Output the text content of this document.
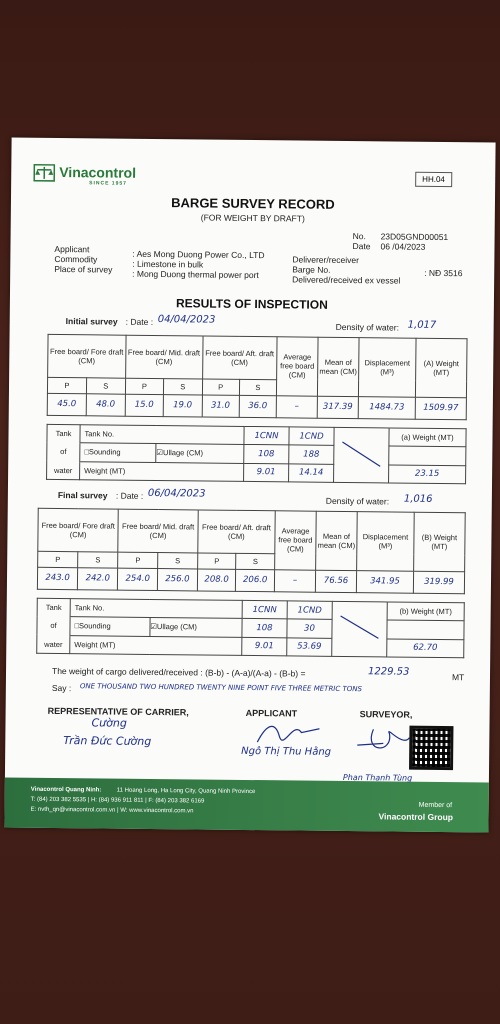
Vinacontrol
SINCE 1957	HH.04
BARGE SURVEY RECORD
(FOR WEIGHT BY DRAFT)
No. 23D05GND00051
Date 06 /04/2023
Applicant	: Aes Mong Duong Power Co., LTD
Commodity	: Limestone in bulk
Place of survey : Mong Duong thermal power port
Deliverer/receiver
Barge No.	: NĐ 3516
Delivered/received ex vessel
RESULTS OF INSPECTION
Initial survey : Date : 04/04/2023
Density of water: 1,017
Free board/ Fore draft (CM)		Free board/ Mid. draft (CM)		Free board/ Aft. draft (CM)		Average free board (CM)	Mean of mean (CM)	Displacement (M³)	(A) Weight (MT)
P	S	P	S	P	S				
45.0	48.0	15.0	19.0	31.0	36.0	–	317.39	1484.73	1509.97
Tank	Tank No.		1CNN	1CND		(a) Weight (MT)
of	□Sounding	☑Ullage (CM)	108	188		
water	Weight (MT)		9.01	14.14		23.15
Final survey : Date : 06/04/2023
Density of water: 1,016
Free board/ Fore draft (CM)		Free board/ Mid. draft (CM)		Free board/ Aft. draft (CM)		Average free board (CM)	Mean of mean (CM)	Displacement (M³)	(B) Weight (MT)
P	S	P	S	P	S				
243.0	242.0	254.0	256.0	208.0	206.0	–	76.56	341.95	319.99
Tank	Tank No.		1CNN	1CND		(b) Weight (MT)
of	□Sounding	☑Ullage (CM)	108	30		
water	Weight (MT)		9.01	53.69		62.70
The weight of cargo delivered/received : (B-b) - (A-a)/(A-a) - (B-b) =	1229.53	MT
Say : ONE THOUSAND TWO HUNDRED TWENTY NINE POINT FIVE THREE METRIC TONS
REPRESENTATIVE OF CARRIER,	APPLICANT	SURVEYOR,
Cường
Trần Đức Cường
Ngô Thị Thu Hằng
Phan Thanh Tùng
Vinacontrol Quang Ninh:	11 Hoang Long, Ha Long City, Quang Ninh Province
T: (84) 203 382 5535 | H: (84) 936 911 811 | F: (84) 203 382 6169
E: nvth_qn@vinacontrol.com.vn | W: www.vinacontrol.com.vn
Member of
Vinacontrol Group
